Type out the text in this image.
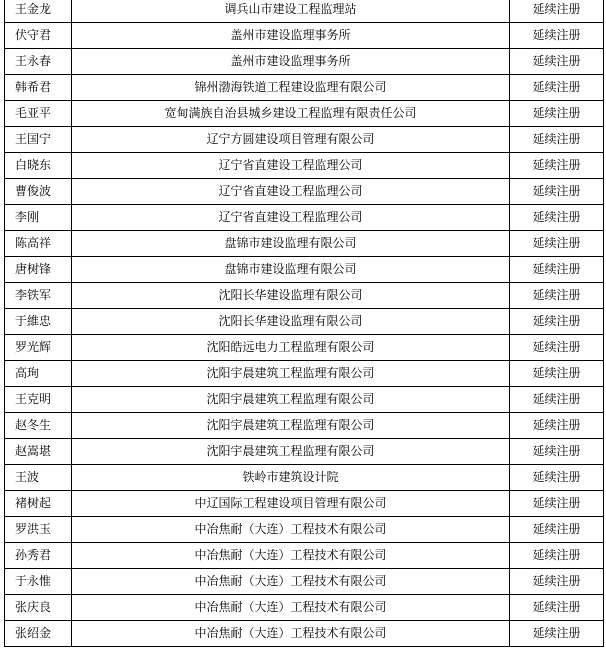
王金龙	调兵山市建设工程监理站	延续注册
伏守君	盖州市建设监理事务所	延续注册
王永春	盖州市建设监理事务所	延续注册
韩希君	锦州渤海铁道工程建设监理有限公司	延续注册
毛亚平	宽甸满族自治县城乡建设工程监理有限责任公司	延续注册
王国宁	辽宁方圆建设项目管理有限公司	延续注册
白晓东	辽宁省直建设工程监理公司	延续注册
曹俊波	辽宁省直建设工程监理公司	延续注册
李刚	辽宁省直建设工程监理公司	延续注册
陈高祥	盘锦市建设监理有限公司	延续注册
唐树锋	盘锦市建设监理有限公司	延续注册
李铁军	沈阳长华建设监理有限公司	延续注册
于維忠	沈阳长华建设监理有限公司	延续注册
罗光辉	沈阳皓远电力工程监理有限公司	延续注册
高珣	沈阳宇晨建筑工程监理有限公司	延续注册
王克明	沈阳宇晨建筑工程监理有限公司	延续注册
赵冬生	沈阳宇晨建筑工程监理有限公司	延续注册
赵嵩堪	沈阳宇晨建筑工程监理有限公司	延续注册
王波	铁岭市建筑设计院	延续注册
褚树起	中辽国际工程建设项目管理有限公司	延续注册
罗洪玉	中冶焦耐（大连）工程技术有限公司	延续注册
孙秀君	中冶焦耐（大连）工程技术有限公司	延续注册
于永惟	中冶焦耐（大连）工程技术有限公司	延续注册
张庆良	中冶焦耐（大连）工程技术有限公司	延续注册
张绍金	中冶焦耐（大连）工程技术有限公司	延续注册
